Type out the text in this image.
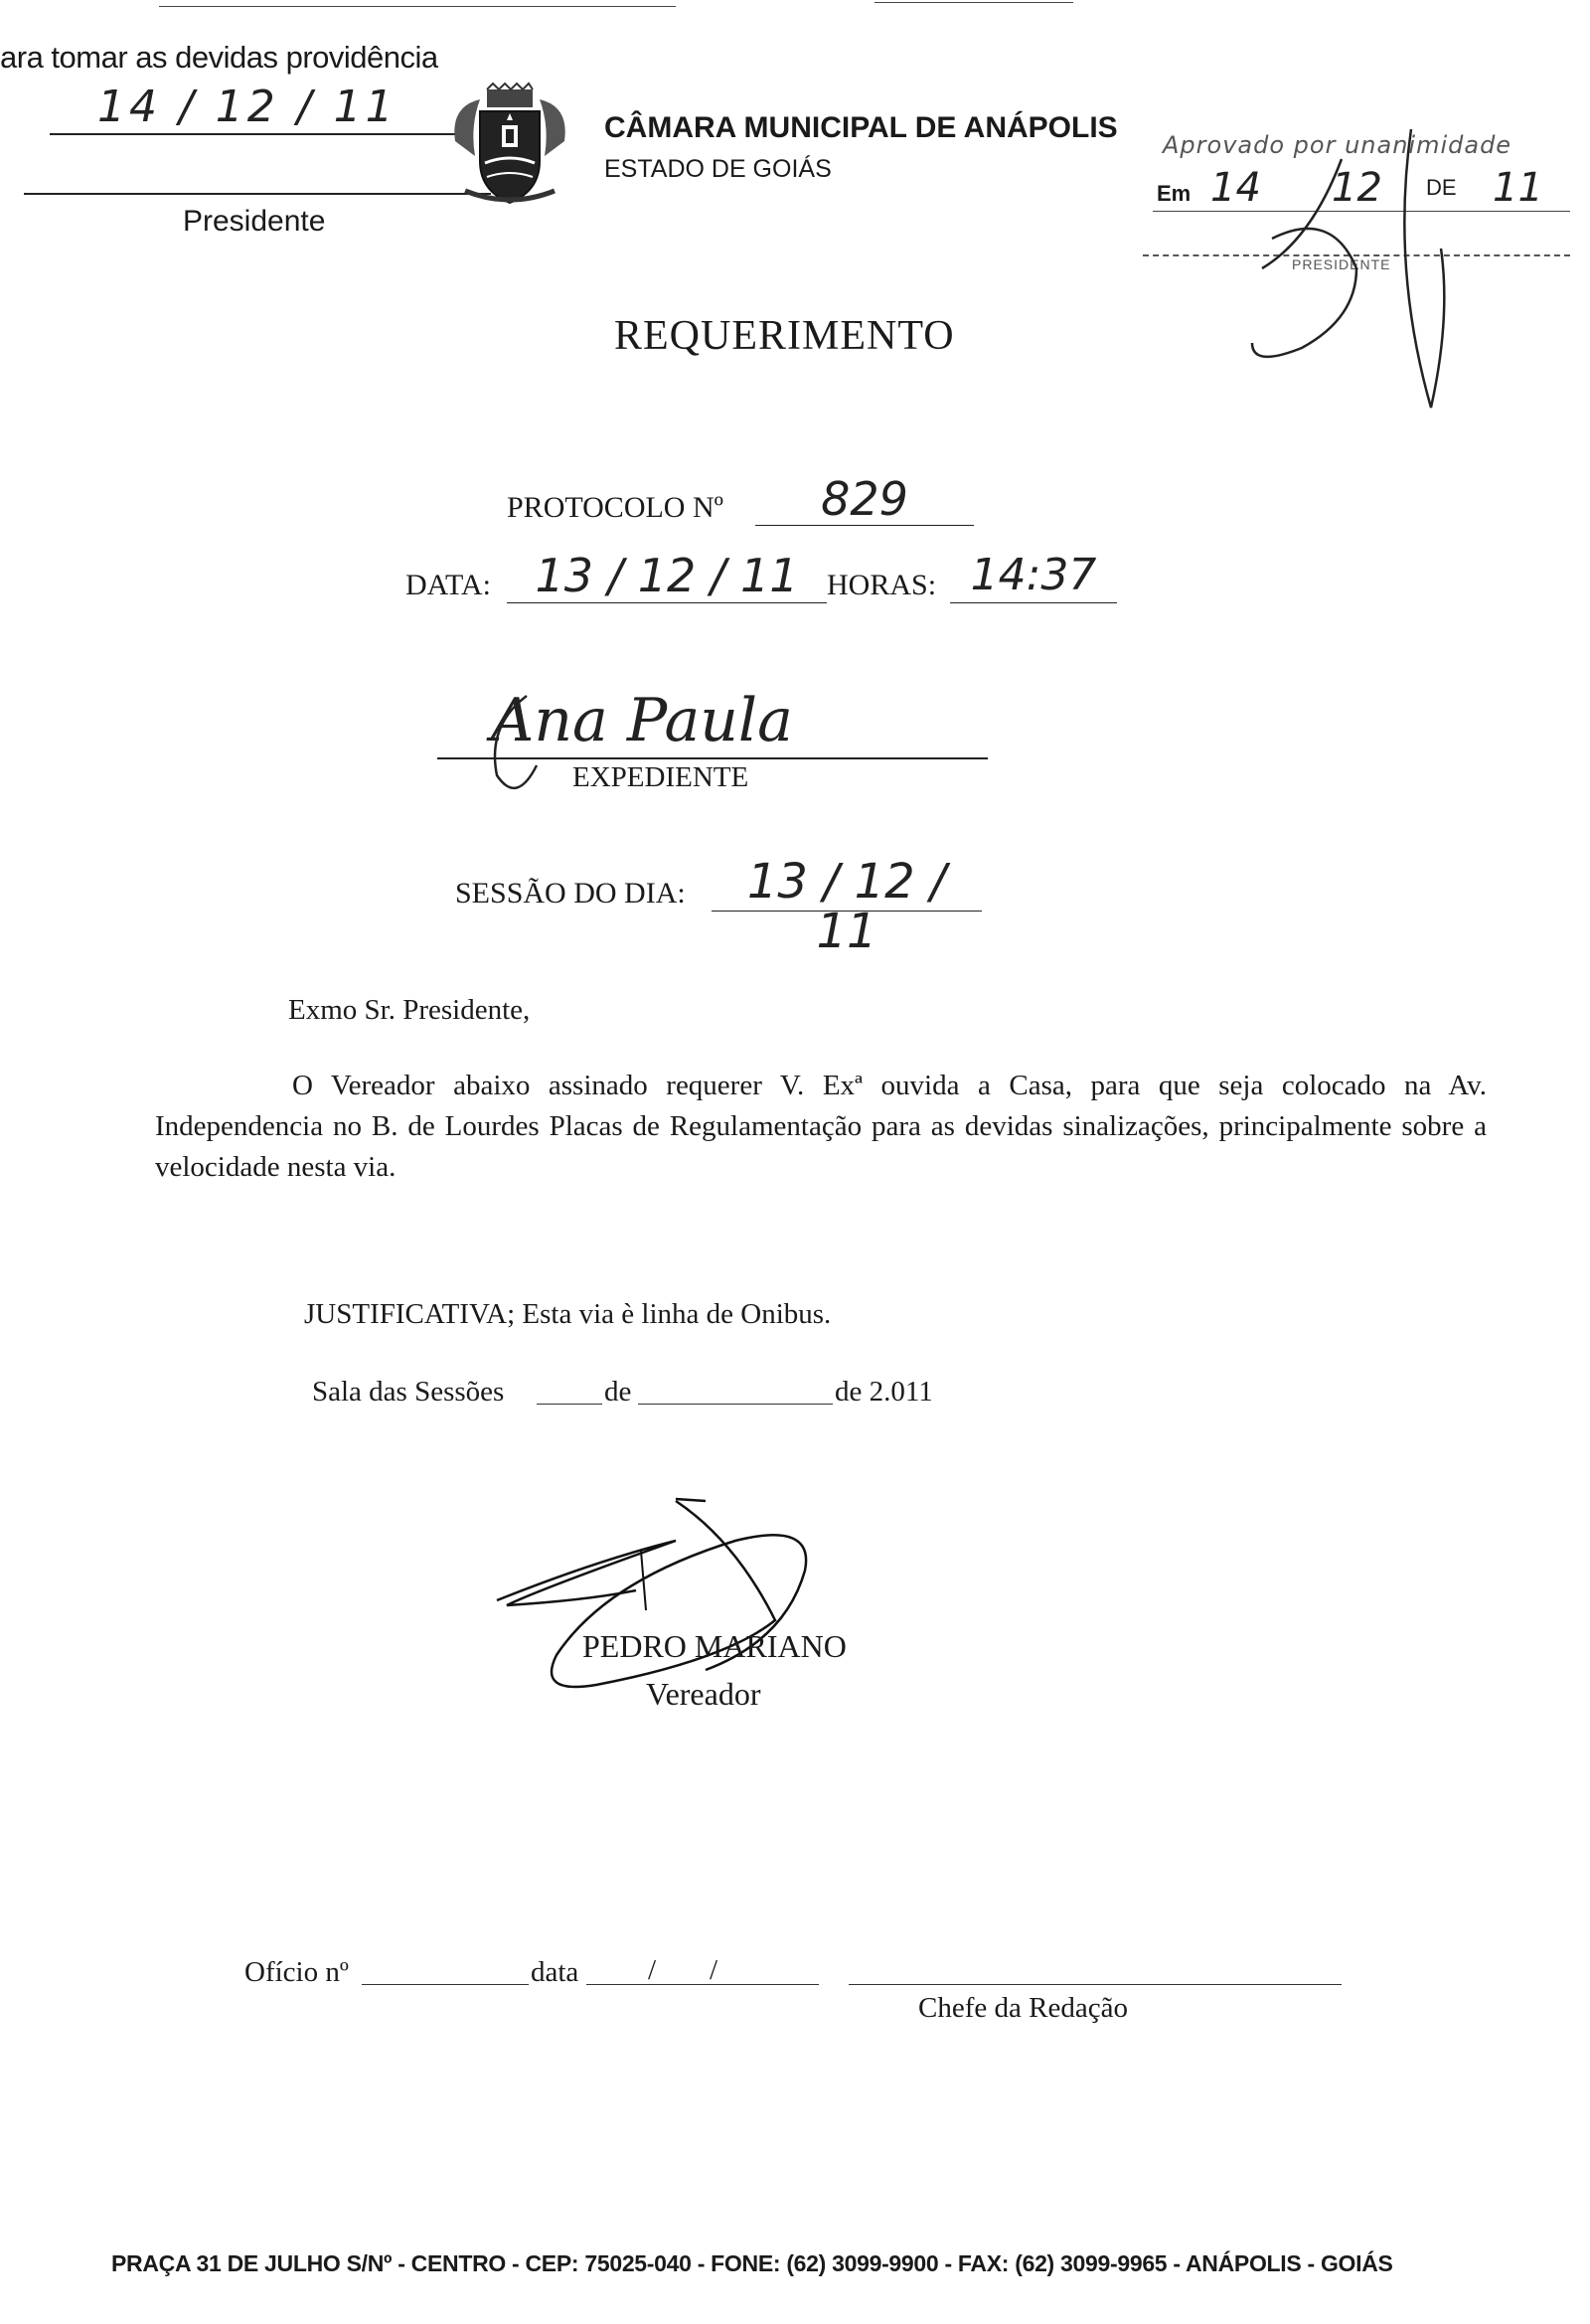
ara tomar as devidas providência
14 / 12 / 11
Presidente
CÂMARA MUNICIPAL DE ANÁPOLIS
ESTADO DE GOIÁS
Aprovado por unanimidade
Em 14 12 DE 11
PRESIDENTE
REQUERIMENTO
PROTOCOLO Nº	829
DATA: 13 / 12 / 11 HORAS: 14:37
Ana Paula
EXPEDIENTE
SESSÃO DO DIA:	13 / 12 / 11
Exmo Sr. Presidente,
O Vereador abaixo assinado requerer V. Exª ouvida a Casa, para que seja colocado na Av. Independencia no B. de Lourdes Placas de Regulamentação para as devidas sinalizações, principalmente sobre a velocidade nesta via.
JUSTIFICATIVA; Esta via è linha de Onibus.
Sala das Sessões	de	de 2.011
PEDRO MARIANO
Vereador
Ofício nº	data / /
Chefe da Redação
PRAÇA 31 DE JULHO S/Nº - CENTRO - CEP: 75025-040 - FONE: (62) 3099-9900 - FAX: (62) 3099-9965 - ANÁPOLIS - GOIÁS
